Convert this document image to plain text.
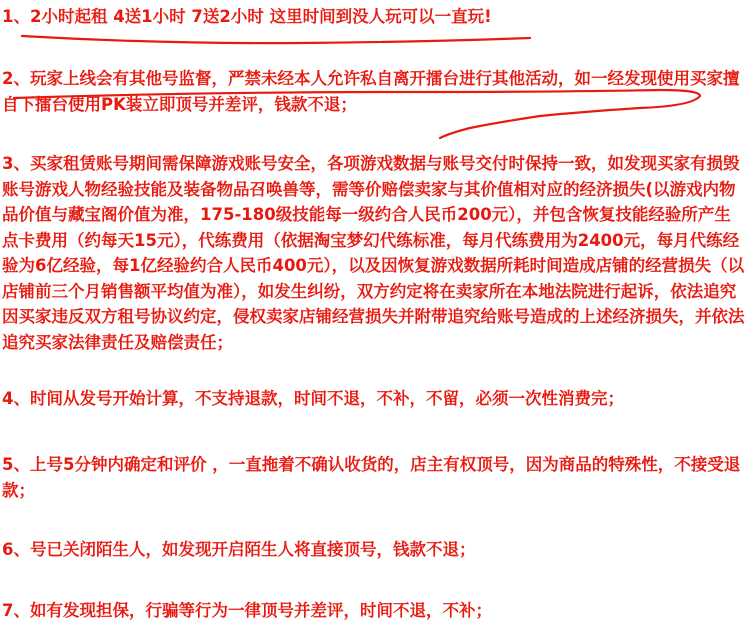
1、2小时起租 4送1小时 7送2小时 这里时间到没人玩可以一直玩!

2、玩家上线会有其他号监督，严禁未经本人允许私自离开擂台进行其他活动，如一经发现使用买家擅自下擂台使用PK装立即顶号并差评，钱款不退；

3、买家租赁账号期间需保障游戏账号安全，各项游戏数据与账号交付时保持一致，如发现买家有损毁账号游戏人物经验技能及装备物品召唤兽等，需等价赔偿卖家与其价值相对应的经济损失(以游戏内物品价值与藏宝阁价值为准，175-180级技能每一级约合人民币200元），并包含恢复技能经验所产生点卡费用（约每天15元），代练费用（依据淘宝梦幻代练标准，每月代练费用为2400元，每月代练经验为6亿经验，每1亿经验约合人民币400元），以及因恢复游戏数据所耗时间造成店铺的经营损失（以店铺前三个月销售额平均值为准），如发生纠纷，双方约定将在卖家所在本地法院进行起诉，依法追究因买家违反双方租号协议约定，侵权卖家店铺经营损失并附带追究给账号造成的上述经济损失，并依法追究买家法律责任及赔偿责任；

4、时间从发号开始计算，不支持退款，时间不退，不补，不留，必须一次性消费完；

5、上号5分钟内确定和评价 ，一直拖着不确认收货的，店主有权顶号，因为商品的特殊性，不接受退款；

6、号已关闭陌生人，如发现开启陌生人将直接顶号，钱款不退；

7、如有发现担保，行骗等行为一律顶号并差评，时间不退，不补；
